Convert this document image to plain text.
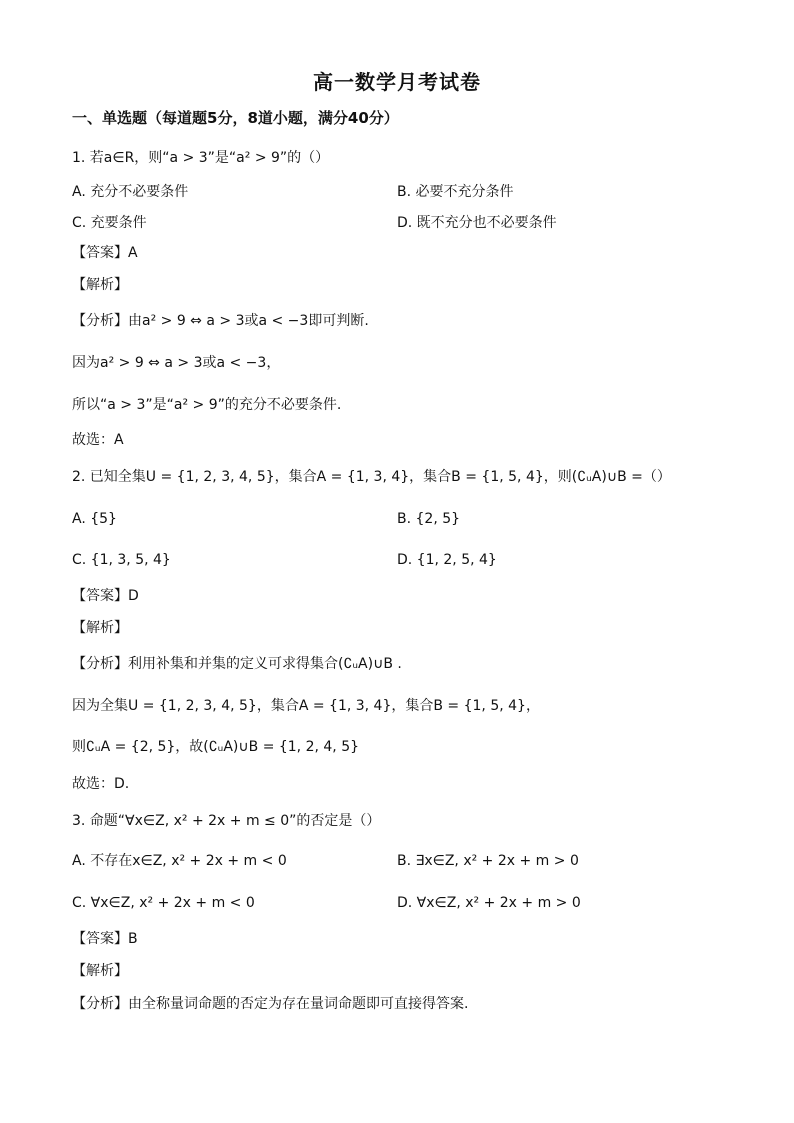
高一数学月考试卷
一、单选题（每道题5分，8道小题，满分40分）
1. 若a∈R，则“a > 3”是“a² > 9”的（）
A. 充分不必要条件	B. 必要不充分条件
C. 充要条件	D. 既不充分也不必要条件
【答案】A
【解析】
【分析】由a² > 9 ⇔ a > 3或a < −3即可判断.
因为a² > 9 ⇔ a > 3或a < −3，
所以“a > 3”是“a² > 9”的充分不必要条件.
故选：A
2. 已知全集U = {1, 2, 3, 4, 5}，集合A = {1, 3, 4}，集合B = {1, 5, 4}，则(∁ᵤA)∪B =（）
A. {5}	B. {2, 5}
C. {1, 3, 5, 4}	D. {1, 2, 5, 4}
【答案】D
【解析】
【分析】利用补集和并集的定义可求得集合(∁ᵤA)∪B .
因为全集U = {1, 2, 3, 4, 5}，集合A = {1, 3, 4}，集合B = {1, 5, 4}，
则∁ᵤA = {2, 5}，故(∁ᵤA)∪B = {1, 2, 4, 5}
故选：D.
3. 命题“∀x∈Z, x² + 2x + m ≤ 0”的否定是（）
A. 不存在x∈Z, x² + 2x + m < 0	B. ∃x∈Z, x² + 2x + m > 0
C. ∀x∈Z, x² + 2x + m < 0	D. ∀x∈Z, x² + 2x + m > 0
【答案】B
【解析】
【分析】由全称量词命题的否定为存在量词命题即可直接得答案.
